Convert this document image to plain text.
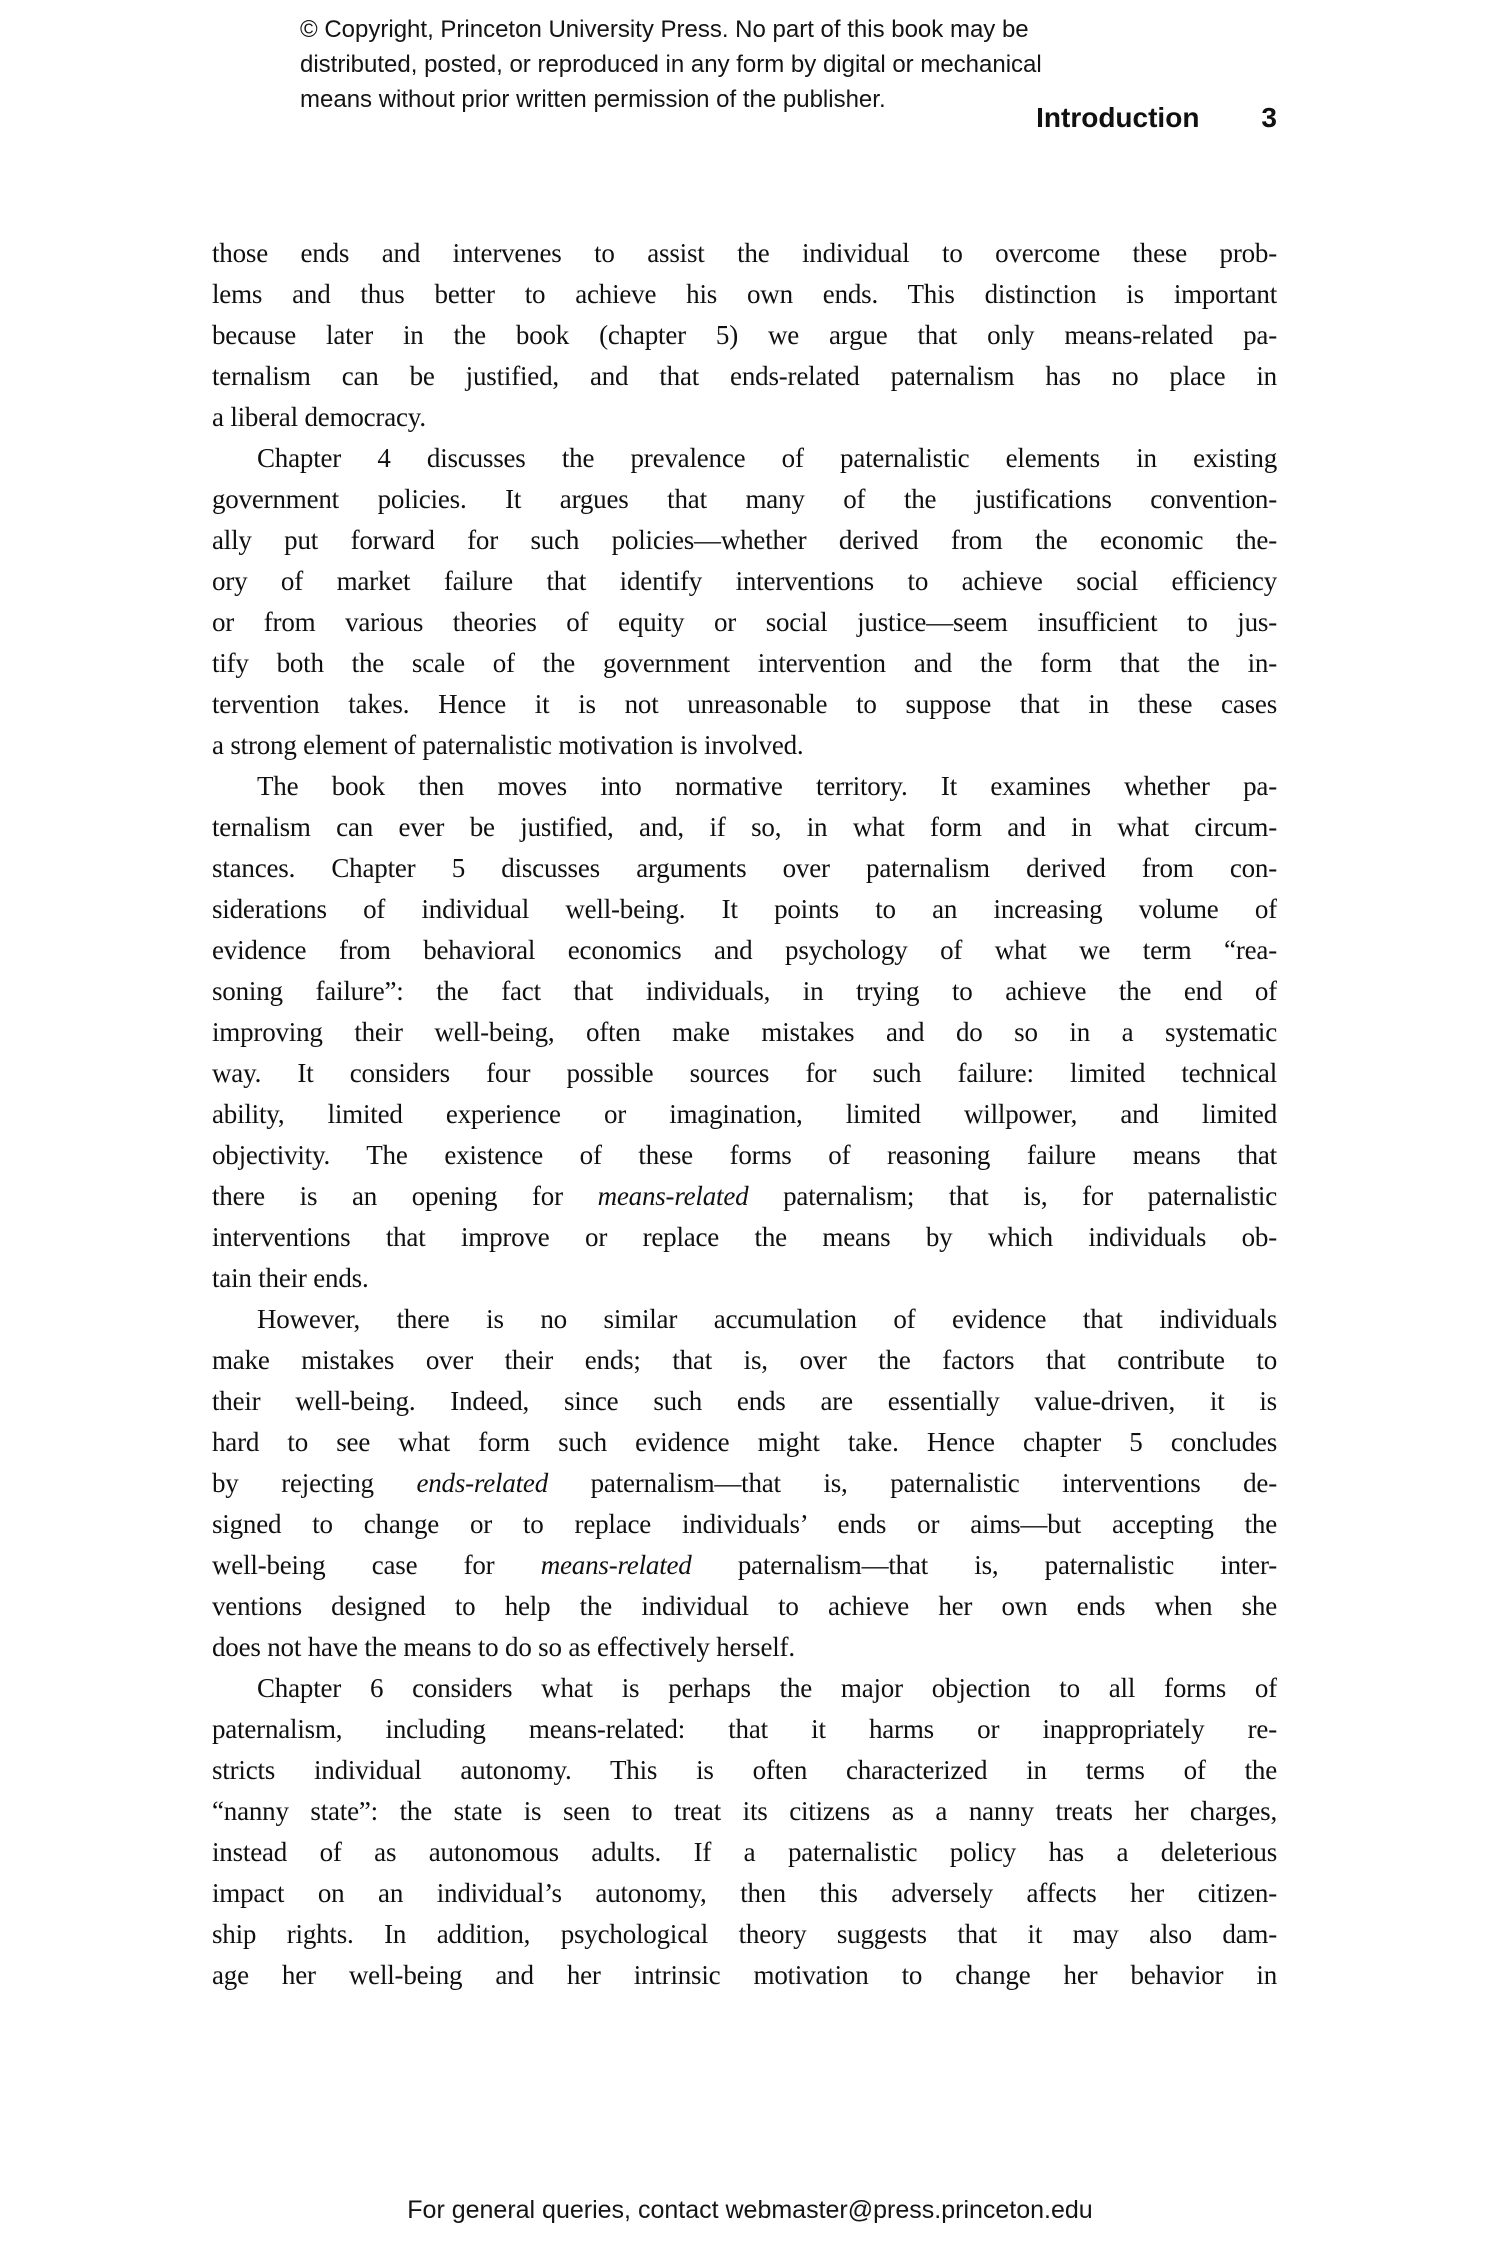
© Copyright, Princeton University Press. No part of this book may be
distributed, posted, or reproduced in any form by digital or mechanical
means without prior written permission of the publisher.
Introduction 3
those ends and intervenes to assist the individual to overcome these prob-
lems and thus better to achieve his own ends. This distinction is important
because later in the book (chapter 5) we argue that only means-related pa-
ternalism can be justified, and that ends-related paternalism has no place in
a liberal democracy.
Chapter 4 discusses the prevalence of paternalistic elements in existing
government policies. It argues that many of the justifications convention-
ally put forward for such policies—whether derived from the economic the-
ory of market failure that identify interventions to achieve social efficiency
or from various theories of equity or social justice—seem insufficient to jus-
tify both the scale of the government intervention and the form that the in-
tervention takes. Hence it is not unreasonable to suppose that in these cases
a strong element of paternalistic motivation is involved.
The book then moves into normative territory. It examines whether pa-
ternalism can ever be justified, and, if so, in what form and in what circum-
stances. Chapter 5 discusses arguments over paternalism derived from con-
siderations of individual well-being. It points to an increasing volume of
evidence from behavioral economics and psychology of what we term “rea-
soning failure”: the fact that individuals, in trying to achieve the end of
improving their well-being, often make mistakes and do so in a systematic
way. It considers four possible sources for such failure: limited technical
ability, limited experience or imagination, limited willpower, and limited
objectivity. The existence of these forms of reasoning failure means that
there is an opening for means-related paternalism; that is, for paternalistic
interventions that improve or replace the means by which individuals ob-
tain their ends.
However, there is no similar accumulation of evidence that individuals
make mistakes over their ends; that is, over the factors that contribute to
their well-being. Indeed, since such ends are essentially value-driven, it is
hard to see what form such evidence might take. Hence chapter 5 concludes
by rejecting ends-related paternalism—that is, paternalistic interventions de-
signed to change or to replace individuals’ ends or aims—but accepting the
well-being case for means-related paternalism—that is, paternalistic inter-
ventions designed to help the individual to achieve her own ends when she
does not have the means to do so as effectively herself.
Chapter 6 considers what is perhaps the major objection to all forms of
paternalism, including means-related: that it harms or inappropriately re-
stricts individual autonomy. This is often characterized in terms of the
“nanny state”: the state is seen to treat its citizens as a nanny treats her charges,
instead of as autonomous adults. If a paternalistic policy has a deleterious
impact on an individual’s autonomy, then this adversely affects her citizen-
ship rights. In addition, psychological theory suggests that it may also dam-
age her well-being and her intrinsic motivation to change her behavior in
For general queries, contact webmaster@press.princeton.edu
